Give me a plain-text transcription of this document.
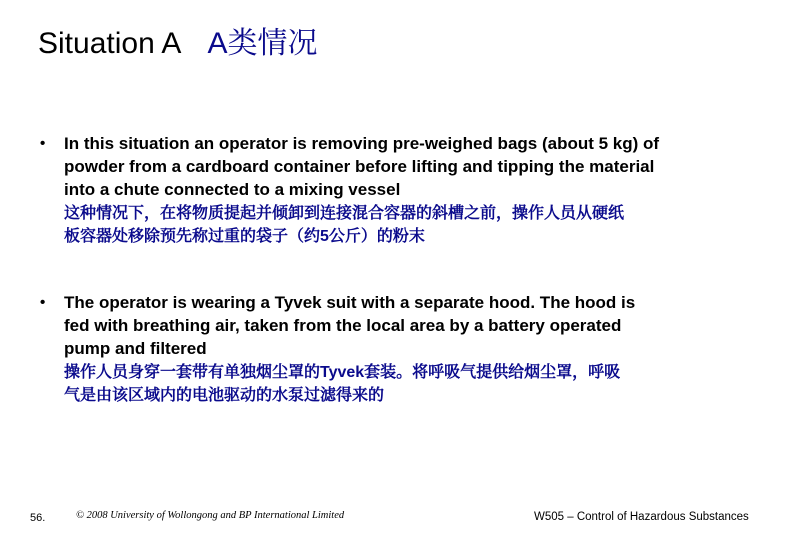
Situation A A类情况
•	In this situation an operator is removing pre‑weighed bags (about 5 kg) of
powder from a cardboard container before lifting and tipping the material
into a chute connected to a mixing vessel
这种情况下，在将物质提起并倾卸到连接混合容器的斜槽之前，操作人员从硬纸
板容器处移除预先称过重的袋子（约5公斤）的粉末
•	The operator is wearing a Tyvek suit with a separate hood. The hood is
fed with breathing air, taken from the local area by a battery operated
pump and filtered
操作人员身穿一套带有单独烟尘罩的Tyvek套装。将呼吸气提供给烟尘罩，呼吸
气是由该区域内的电池驱动的水泵过滤得来的
56.	© 2008 University of Wollongong and BP International Limited	W505 – Control of Hazardous Substances
